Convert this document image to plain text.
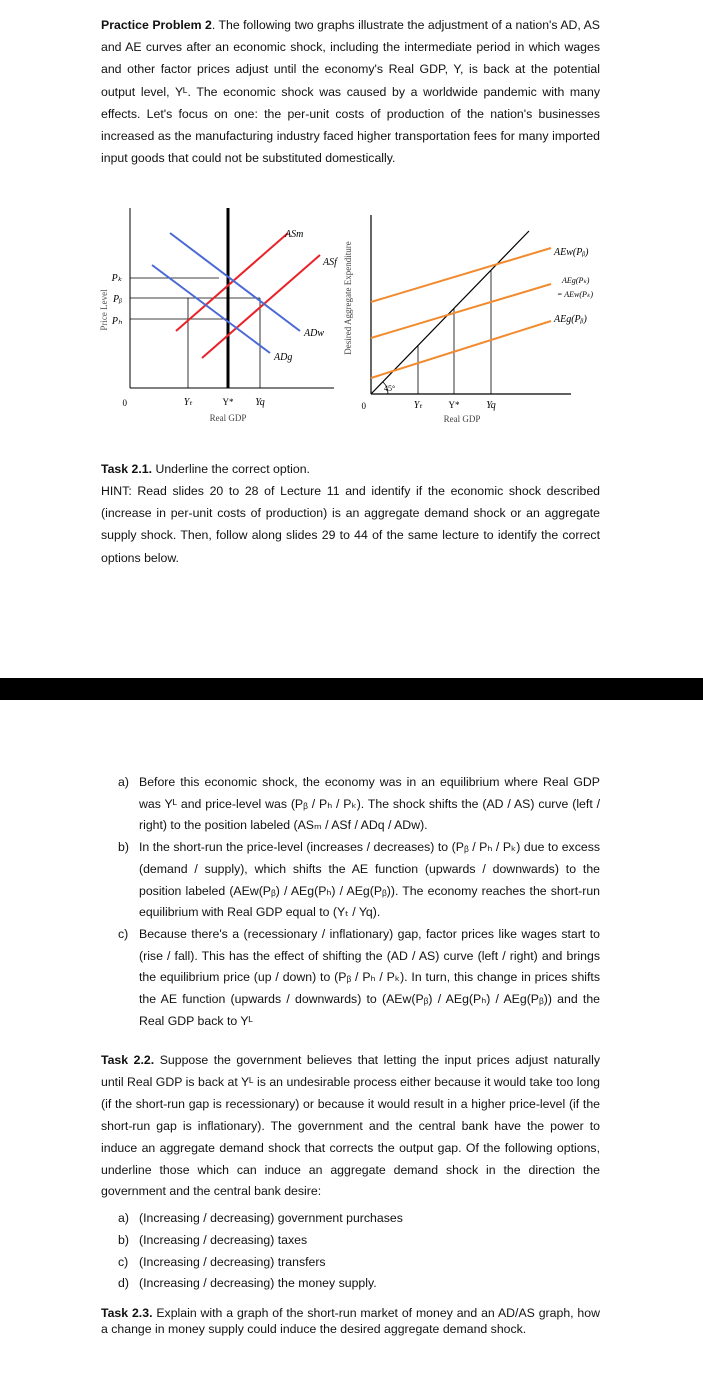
Practice Problem 2. The following two graphs illustrate the adjustment of a nation's AD, AS and AE curves after an economic shock, including the intermediate period in which wages and other factor prices adjust until the economy's Real GDP, Y, is back at the potential output level, Yᴸ. The economic shock was caused by a worldwide pandemic with many effects. Let's focus on one: the per-unit costs of production of the nation's businesses increased as the manufacturing industry faced higher transportation fees for many imported input goods that could not be substituted domestically.

Price Level
Pₖ
Pᵦ
Pₕ
ASm
ASf
ADw
ADg
0	Yₜ	Y* Yq
Real GDP
Desired Aggregate Expenditure
45°
AEw(Pᵦ)
AEg(Pₖ)
= AEw(Pₖ)
AEg(Pᵦ)
0	Yₜ	Y*	Yq
Real GDP

Task 2.1. Underline the correct option.

HINT: Read slides 20 to 28 of Lecture 11 and identify if the economic shock described (increase in per-unit costs of production) is an aggregate demand shock or an aggregate supply shock. Then, follow along slides 29 to 44 of the same lecture to identify the correct options below.

a) Before this economic shock, the economy was in an equilibrium where Real GDP was Yᴸ and price-level was (Pᵦ / Pₕ / Pₖ). The shock shifts the (AD / AS) curve (left / right) to the position labeled (ASₘ / ASf / ADq / ADw).
b) In the short-run the price-level (increases / decreases) to (Pᵦ / Pₕ / Pₖ) due to excess (demand / supply), which shifts the AE function (upwards / downwards) to the position labeled (AEw(Pᵦ) / AEg(Pₕ) / AEg(Pᵦ)). The economy reaches the short-run equilibrium with Real GDP equal to (Yₜ / Yq).
c) Because there's a (recessionary / inflationary) gap, factor prices like wages start to (rise / fall). This has the effect of shifting the (AD / AS) curve (left / right) and brings the equilibrium price (up / down) to (Pᵦ / Pₕ / Pₖ). In turn, this change in prices shifts the AE function (upwards / downwards) to (AEw(Pᵦ) / AEg(Pₕ) / AEg(Pᵦ)) and the Real GDP back to Yᴸ

Task 2.2. Suppose the government believes that letting the input prices adjust naturally until Real GDP is back at Yᴸ is an undesirable process either because it would take too long (if the short-run gap is recessionary) or because it would result in a higher price-level (if the short-run gap is inflationary). The government and the central bank have the power to induce an aggregate demand shock that corrects the output gap. Of the following options, underline those which can induce an aggregate demand shock in the direction the government and the central bank desire:

a) (Increasing / decreasing) government purchases
b) (Increasing / decreasing) taxes
c) (Increasing / decreasing) transfers
d) (Increasing / decreasing) the money supply.

Task 2.3. Explain with a graph of the short-run market of money and an AD/AS graph, how a change in money supply could induce the desired aggregate demand shock.
